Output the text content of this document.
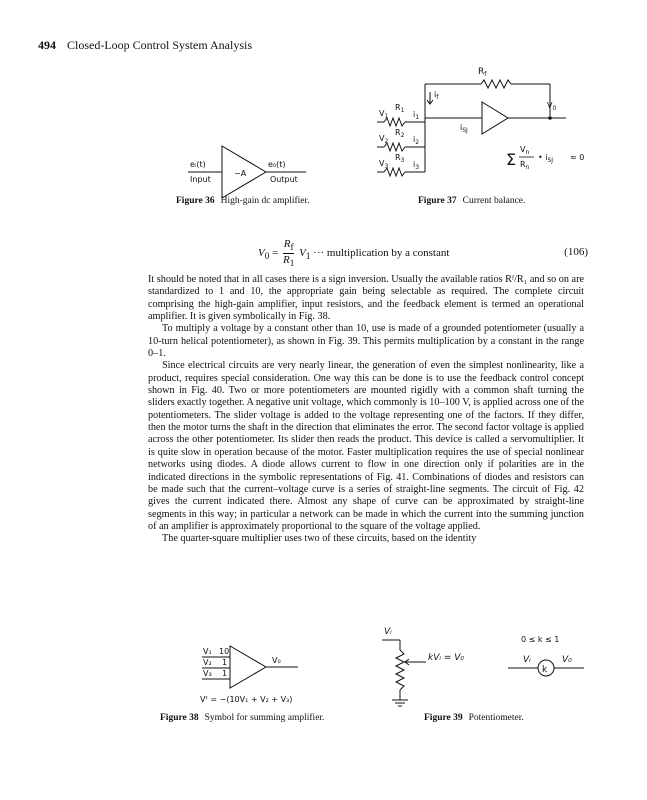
494 Closed-Loop Control System Analysis
eᵢ(t)
Input
−A
e₀(t)
Output
Figure 36 High-gain dc amplifier.
$R_f$
$i_f$
$V_1$
$R_1$ $i_1$
$V_2$
$R_2$ $i_2$
$V_3$
$R_3$ $i_3$
$i_{SJ}$
$V_0$
Σ
$V_n$
$R_n$
• $i_{SJ} \approx 0$
Figure 37 Current balance.
$V_0 = \frac{R_f}{R_1} V_1$ ··· multiplication by a constant	(106)

It should be noted that in all cases there is a sign inversion. Usually the available ratios Rᶠ/R₁ and so on are standardized to 1 and 10, the appropriate gain being selectable as required. The complete circuit comprising the high-gain amplifier, input resistors, and the feedback element is termed an operational amplifier. It is given symbolically in Fig. 38.

To multiply a voltage by a constant other than 10, use is made of a grounded potentiometer (usually a 10-turn helical potentiometer), as shown in Fig. 39. This permits multiplication by a constant in the range 0–1.

Since electrical circuits are very nearly linear, the generation of even the simplest nonlinearity, like a product, requires special consideration. One way this can be done is to use the feedback control concept shown in Fig. 40. Two or more potentiometers are mounted rigidly with a common shaft turning the sliders exactly together. A negative unit voltage, which commonly is 10–100 V, is applied across one of the potentiometers. The slider voltage is added to the voltage representing one of the factors. If they differ, then the motor turns the shaft in the direction that eliminates the error. The second factor voltage is applied across the other potentiometer. Its slider then reads the product. This device is called a servomultiplier. It is quite slow in operation because of the motor. Faster multiplication requires the use of special nonlinear networks using diodes. A diode allows current to flow in one direction only if polarities are in the indicated directions in the symbolic representations of Fig. 41. Combinations of diodes and resistors can be made such that the current–voltage curve is a series of straight-line segments. The circuit of Fig. 42 gives the current indicated there. Almost any shape of curve can be approximated by straight-line segments in this way; in particular a network can be made in which the current into the summing junction of an amplifier is approximately proportional to the square of the voltage applied.

The quarter-square multiplier uses two of these circuits, based on the identity

V₁ 10
V₂ 1
V₃ 1
V₀
Vᶠ = −(10V₁ + V₂ + V₃)
Figure 38 Symbol for summing amplifier.
Vᵢ
kVᵢ = V₀
0 ≤ k ≤ 1
Vᵢ
k
V₀
Figure 39 Potentiometer.
